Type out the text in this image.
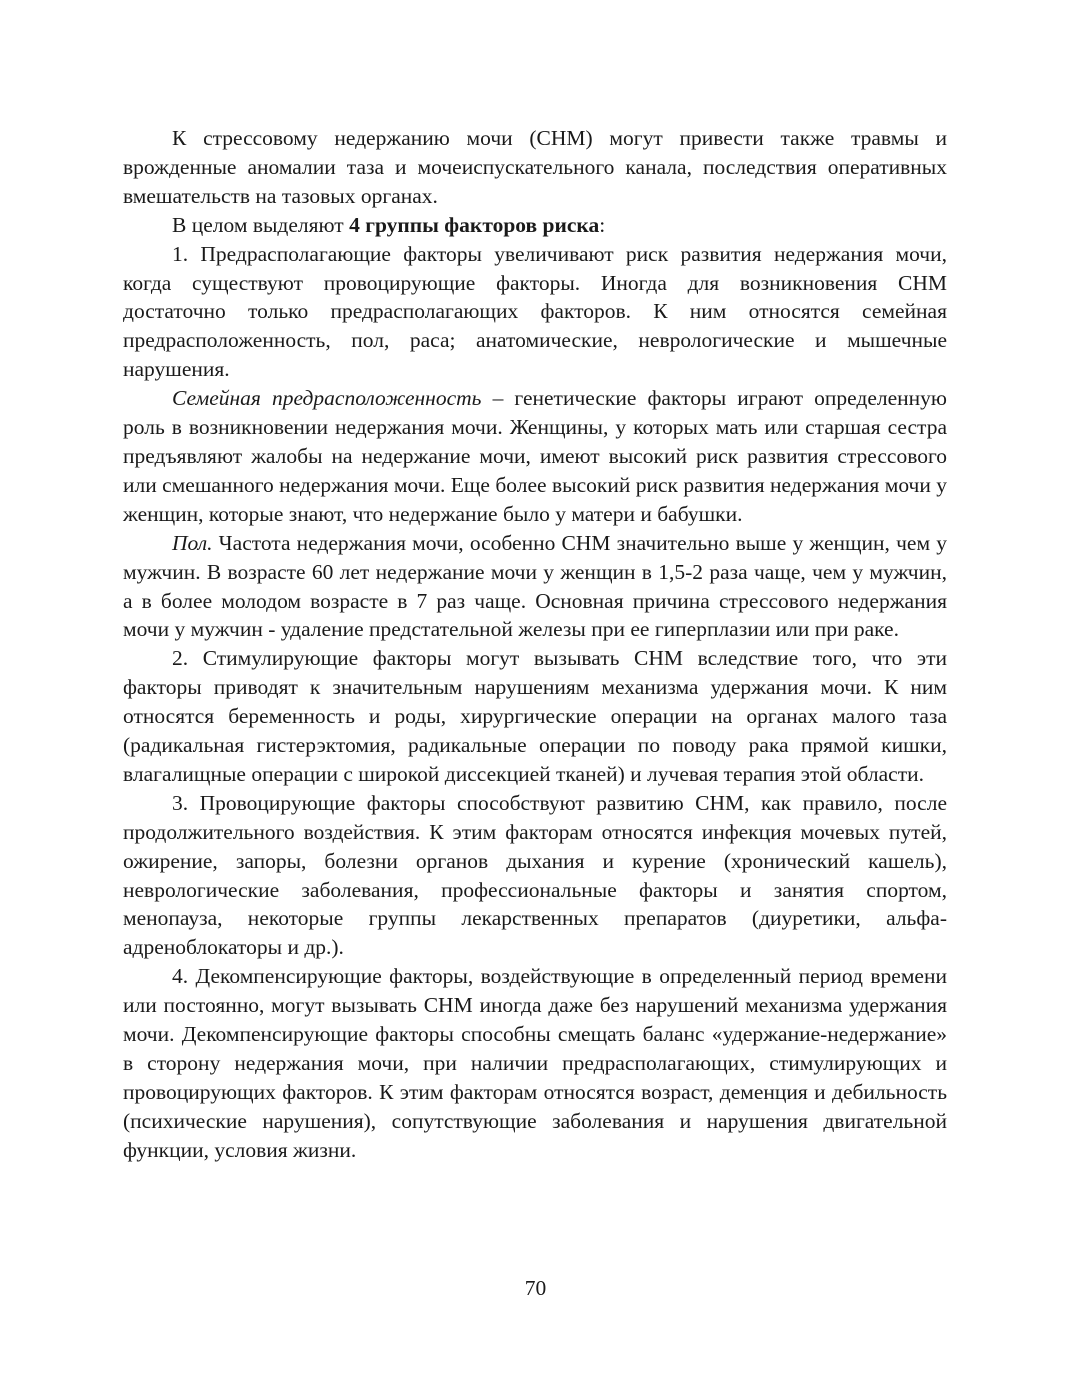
К стрессовому недержанию мочи (СНМ) могут привести также травмы и врожденные аномалии таза и мочеиспускательного канала, последствия оперативных вмешательств на тазовых органах.

В целом выделяют 4 группы факторов риска:

1. Предрасполагающие факторы увеличивают риск развития недержания мочи, когда существуют провоцирующие факторы. Иногда для возникновения СНМ достаточно только предрасполагающих факторов. К ним относятся семейная предрасположенность, пол, раса; анатомические, неврологические и мышечные нарушения.

Семейная предрасположенность – генетические факторы играют определенную роль в возникновении недержания мочи. Женщины, у которых мать или старшая сестра предъявляют жалобы на недержание мочи, имеют высокий риск развития стрессового или смешанного недержания мочи. Еще более высокий риск развития недержания мочи у женщин, которые знают, что недержание было у матери и бабушки.

Пол. Частота недержания мочи, особенно СНМ значительно выше у женщин, чем у мужчин. В возрасте 60 лет недержание мочи у женщин в 1,5-2 раза чаще, чем у мужчин, а в более молодом возрасте в 7 раз чаще. Основная причина стрессового недержания мочи у мужчин - удаление предстательной железы при ее гиперплазии или при раке.

2. Стимулирующие факторы могут вызывать СНМ вследствие того, что эти факторы приводят к значительным нарушениям механизма удержания мочи. К ним относятся беременность и роды, хирургические операции на органах малого таза (радикальная гистерэктомия, радикальные операции по поводу рака прямой кишки, влагалищные операции с широкой диссекцией тканей) и лучевая терапия этой области.

3. Провоцирующие факторы способствуют развитию СНМ, как правило, после продолжительного воздействия. К этим факторам относятся инфекция мочевых путей, ожирение, запоры, болезни органов дыхания и курение (хронический кашель), неврологические заболевания, профессиональные факторы и занятия спортом, менопауза, некоторые группы лекарственных препаратов (диуретики, альфа-адреноблокаторы и др.).

4. Декомпенсирующие факторы, воздействующие в определенный период времени или постоянно, могут вызывать СНМ иногда даже без нарушений механизма удержания мочи. Декомпенсирующие факторы способны смещать баланс «удержание-недержание» в сторону недержания мочи, при наличии предрасполагающих, стимулирующих и провоцирующих факторов. К этим факторам относятся возраст, деменция и дебильность (психические нарушения), сопутствующие заболевания и нарушения двигательной функции, условия жизни.

70
